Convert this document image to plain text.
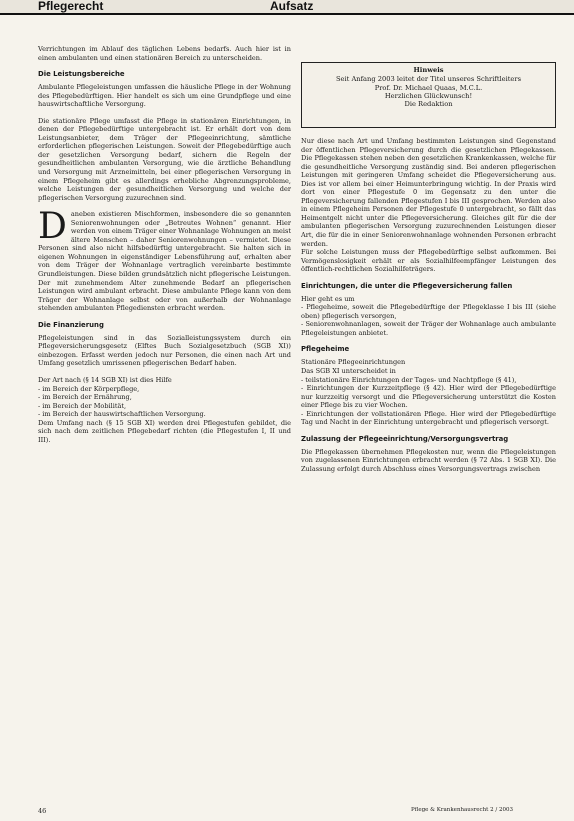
Pflegerecht	Aufsatz
Hinweis
Seit Anfang 2003 leitet der Titel unseres Schriftleiters
Prof. Dr. Michael Quaas, M.C.L.
Herzlichen Glückwunsch!
Die Redaktion

Verrichtungen im Ablauf des täglichen Lebens bedarfs. Auch hier ist in einen ambulanten und einen stationären Bereich zu unterscheiden.

Die Leistungsbereiche

Ambulante Pflegeleistungen umfassen die häusliche Pflege in der Wohnung des Pflegebedürftigen. Hier handelt es sich um eine Grundpflege und eine hauswirtschaftliche Versorgung.

Die stationäre Pflege umfasst die Pflege in stationären Einrichtungen, in denen der Pflegebedürftige untergebracht ist. Er erhält dort von dem Leistungsanbieter, dem Träger der Pflegeeinrichtung, sämtliche erforderlichen pflegerischen Leistungen. Soweit der Pflegebedürftige auch der gesetzlichen Versorgung bedarf, sichern die Regeln der gesundheitlichen ambulanten Versorgung, wie die ärztliche Behandlung und Versorgung mit Arzneimitteln, bei einer pflegerischen Versorgung in einem Pflegeheim gibt es allerdings erhebliche Abgrenzungsprobleme, welche Leistungen der gesundheitlichen Versorgung und welche der pflegerischen Versorgung zuzurechnen sind.

Daneben existieren Mischformen, insbesondere die so genannten Seniorenwohnungen oder „Betreutes Wohnen“ genannt. Hier werden von einem Träger einer Wohnanlage Wohnungen an meist ältere Menschen – daher Seniorenwohnungen – vermietet. Diese Personen sind also nicht hilfsbedürftig untergebracht. Sie halten sich in eigenen Wohnungen in eigenständiger Lebensführung auf, erhalten aber von dem Träger der Wohnanlage vertraglich vereinbarte bestimmte Grundleistungen. Diese bilden grundsätzlich nicht pflegerische Leistungen. Der mit zunehmendem Alter zunehmende Bedarf an pflegerischen Leistungen wird ambulant erbracht. Diese ambulante Pflege kann von dem Träger der Wohnanlage selbst oder von außerhalb der Wohnanlage stehenden ambulanten Pflegediensten erbracht werden.

Die Finanzierung

Pflegeleistungen sind in das Sozialleistungssystem durch ein Pflegeversicherungsgesetz (Elftes Buch Sozialgesetzbuch (SGB XI)) einbezogen. Erfasst werden jedoch nur Personen, die einen nach Art und Umfang gesetzlich umrissenen pflegerischen Bedarf haben.

Der Art nach (§ 14 SGB XI) ist dies Hilfe
- im Bereich der Körperpflege,
- im Bereich der Ernährung,
- im Bereich der Mobilität,
- im Bereich der hauswirtschaftlichen Versorgung.
Dem Umfang nach (§ 15 SGB XI) werden drei Pflegestufen gebildet, die sich nach dem zeitlichen Pflegebedarf richten (die Pflegestufen I, II und III).

Nur diese nach Art und Umfang bestimmten Leistungen sind Gegenstand der öffentlichen Pflegeversicherung durch die gesetzlichen Pflegekassen. Die Pflegekassen stehen neben den gesetzlichen Krankenkassen, welche für die gesundheitliche Versorgung zuständig sind. Bei anderen pflegerischen Leistungen mit geringeren Umfang scheidet die Pflegeversicherung aus. Dies ist vor allem bei einer Heimunterbringung wichtig. In der Praxis wird dort von einer Pflegestufe 0 im Gegensatz zu den unter die Pflegeversicherung fallenden Pflegestufen I bis III gesprochen. Werden also in einem Pflegeheim Personen der Pflegestufe 0 untergebracht, so fällt das Heimentgelt nicht unter die Pflegeversicherung. Gleiches gilt für die der ambulanten pflegerischen Versorgung zuzurechnenden Leistungen dieser Art, die für die in einer Seniorenwohnanlage wohnenden Personen erbracht werden.
Für solche Leistungen muss der Pflegebedürftige selbst aufkommen. Bei Vermögenslosigkeit erhält er als Sozialhilfeempfänger Leistungen des öffentlich-rechtlichen Sozialhilfeträgers.

Einrichtungen, die unter die Pflegeversicherung fallen

Hier geht es um
- Pflegeheime, soweit die Pflegebedürftige der Pflegeklasse I bis III (siehe oben) pflegerisch versorgen,
- Seniorenwohnanlagen, soweit der Träger der Wohnanlage auch ambulante Pflegeleistungen anbietet.

Pflegeheime

Stationäre Pflegeeinrichtungen
Das SGB XI unterscheidet in
- teilstationäre Einrichtungen der Tages- und Nachtpflege (§ 41),
- Einrichtungen der Kurzzeitpflege (§ 42). Hier wird der Pflegebedürftige nur kurzzeitig versorgt und die Pflegeversicherung unterstützt die Kosten einer Pflege bis zu vier Wochen.
- Einrichtungen der vollstationären Pflege. Hier wird der Pflegebedürftige Tag und Nacht in der Einrichtung untergebracht und pflegerisch versorgt.

Zulassung der Pflegeeinrichtung/Versorgungsvertrag

Die Pflegekassen übernehmen Pflegekosten nur, wenn die Pflegeleistungen von zugelassenen Einrichtungen erbracht werden (§ 72 Abs. 1 SGB XI). Die Zulassung erfolgt durch Abschluss eines Versorgungsvertrags zwischen

46	Pflege & Krankenhausrecht 2 / 2003
